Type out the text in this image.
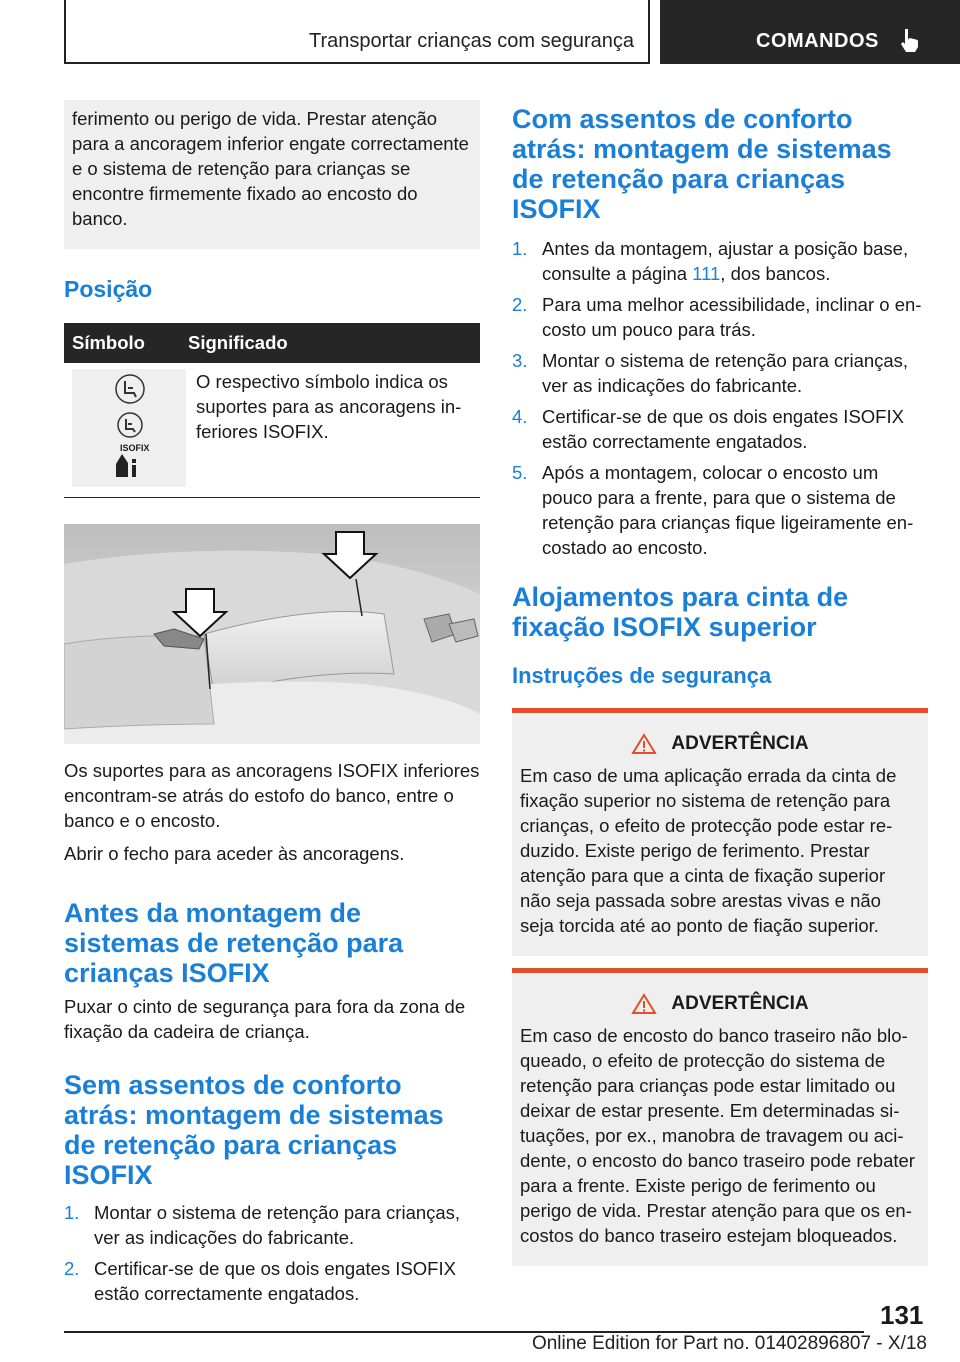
Transportar crianças com segurança	COMANDOS
ferimento ou perigo de vida. Prestar atenção para a ancoragem inferior engate correctamente e o sistema de retenção para crianças se encontre firmemente fixado ao encosto do banco.
Posição
Símbolo	Significado
ISOFIX
O respectivo símbolo indica os suportes para as ancoragens inferiores ISOFIX.
Os suportes para as ancoragens ISOFIX inferiores encontram-se atrás do estofo do banco, entre o banco e o encosto.
Abrir o fecho para aceder às ancoragens.
Antes da montagem de sistemas de retenção para crianças ISOFIX
Puxar o cinto de segurança para fora da zona de fixação da cadeira de criança.
Sem assentos de conforto atrás: montagem de sistemas de retenção para crianças ISOFIX
1. Montar o sistema de retenção para crianças, ver as indicações do fabricante.
2. Certificar-se de que os dois engates ISOFIX estão correctamente engatados.
Com assentos de conforto atrás: montagem de sistemas de retenção para crianças ISOFIX
1. Antes da montagem, ajustar a posição base, consulte a página 111, dos bancos.
2. Para uma melhor acessibilidade, inclinar o encosto um pouco para trás.
3. Montar o sistema de retenção para crianças, ver as indicações do fabricante.
4. Certificar-se de que os dois engates ISOFIX estão correctamente engatados.
5. Após a montagem, colocar o encosto um pouco para a frente, para que o sistema de retenção para crianças fique ligeiramente encostado ao encosto.
Alojamentos para cinta de fixação ISOFIX superior
Instruções de segurança
ADVERTÊNCIA
Em caso de uma aplicação errada da cinta de fixação superior no sistema de retenção para crianças, o efeito de protecção pode estar reduzido. Existe perigo de ferimento. Prestar atenção para que a cinta de fixação superior não seja passada sobre arestas vivas e não seja torcida até ao ponto de fiação superior.
ADVERTÊNCIA
Em caso de encosto do banco traseiro não bloqueado, o efeito de protecção do sistema de retenção para crianças pode estar limitado ou deixar de estar presente. Em determinadas situações, por ex., manobra de travagem ou acidente, o encosto do banco traseiro pode rebater para a frente. Existe perigo de ferimento ou perigo de vida. Prestar atenção para que os encostos do banco traseiro estejam bloqueados.
131
Online Edition for Part no. 01402896807 - X/18
